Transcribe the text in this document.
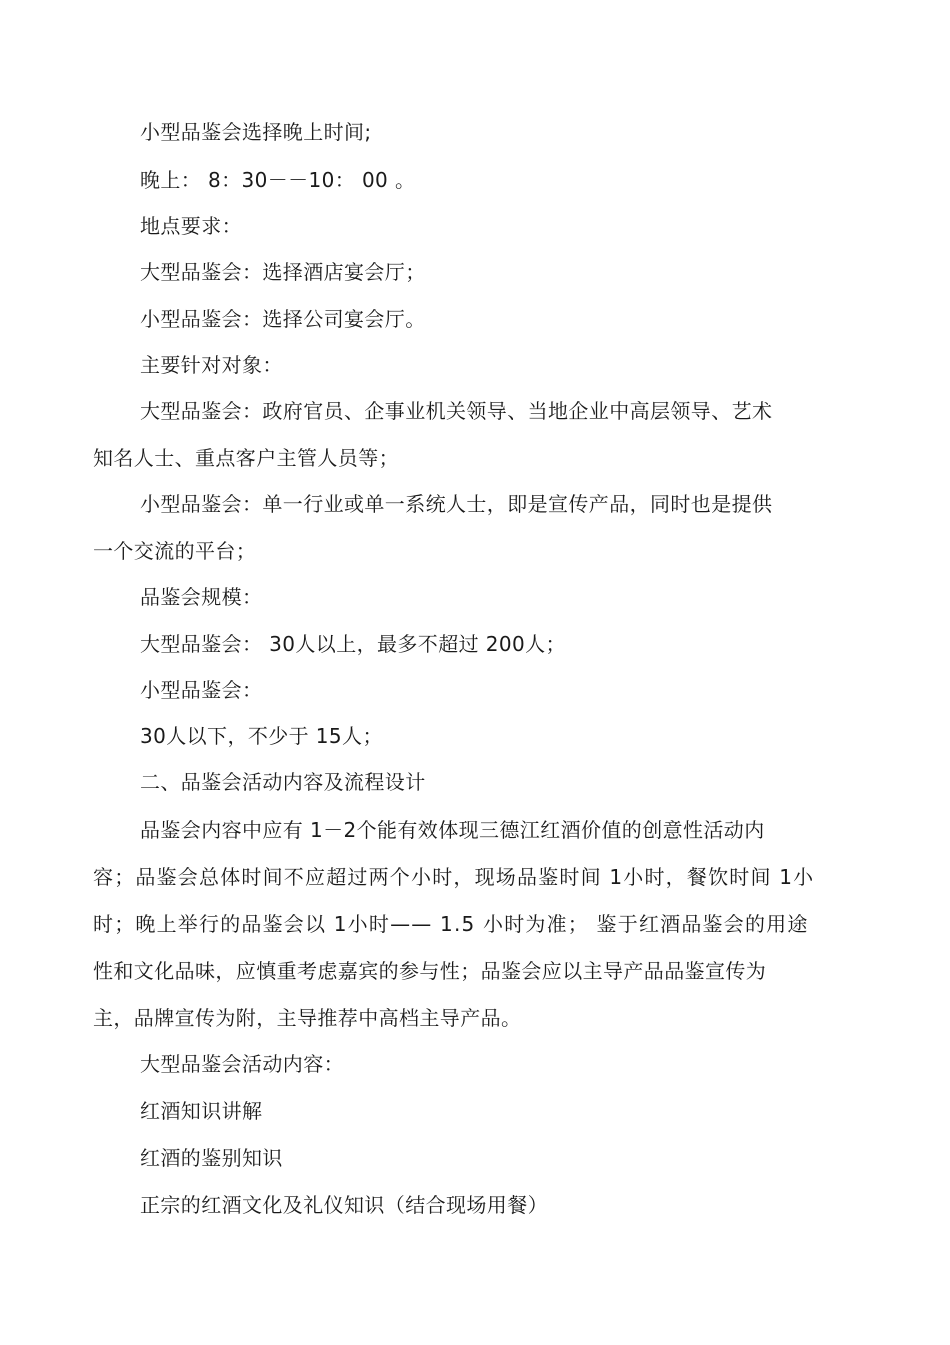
小型品鉴会选择晚上时间;
晚上： 8：30－－10： 00 。
地点要求：
大型品鉴会：选择酒店宴会厅；
小型品鉴会：选择公司宴会厅。
主要针对对象：
大型品鉴会：政府官员、企事业机关领导、当地企业中高层领导、艺术
知名人士、重点客户主管人员等；
小型品鉴会：单一行业或单一系统人士，即是宣传产品，同时也是提供
一个交流的平台；
品鉴会规模：
大型品鉴会： 30人以上，最多不超过 200人；
小型品鉴会：
30人以下，不少于 15人；
二、品鉴会活动内容及流程设计
品鉴会内容中应有 1－2个能有效体现三德江红酒价值的创意性活动内
容；品鉴会总体时间不应超过两个小时，现场品鉴时间 1小时，餐饮时间 1小
时；晚上举行的品鉴会以 1小时—— 1.5 小时为准； 鉴于红酒品鉴会的用途
性和文化品味，应慎重考虑嘉宾的参与性；品鉴会应以主导产品品鉴宣传为
主，品牌宣传为附，主导推荐中高档主导产品。
大型品鉴会活动内容：
红酒知识讲解
红酒的鉴别知识
正宗的红酒文化及礼仪知识（结合现场用餐）
